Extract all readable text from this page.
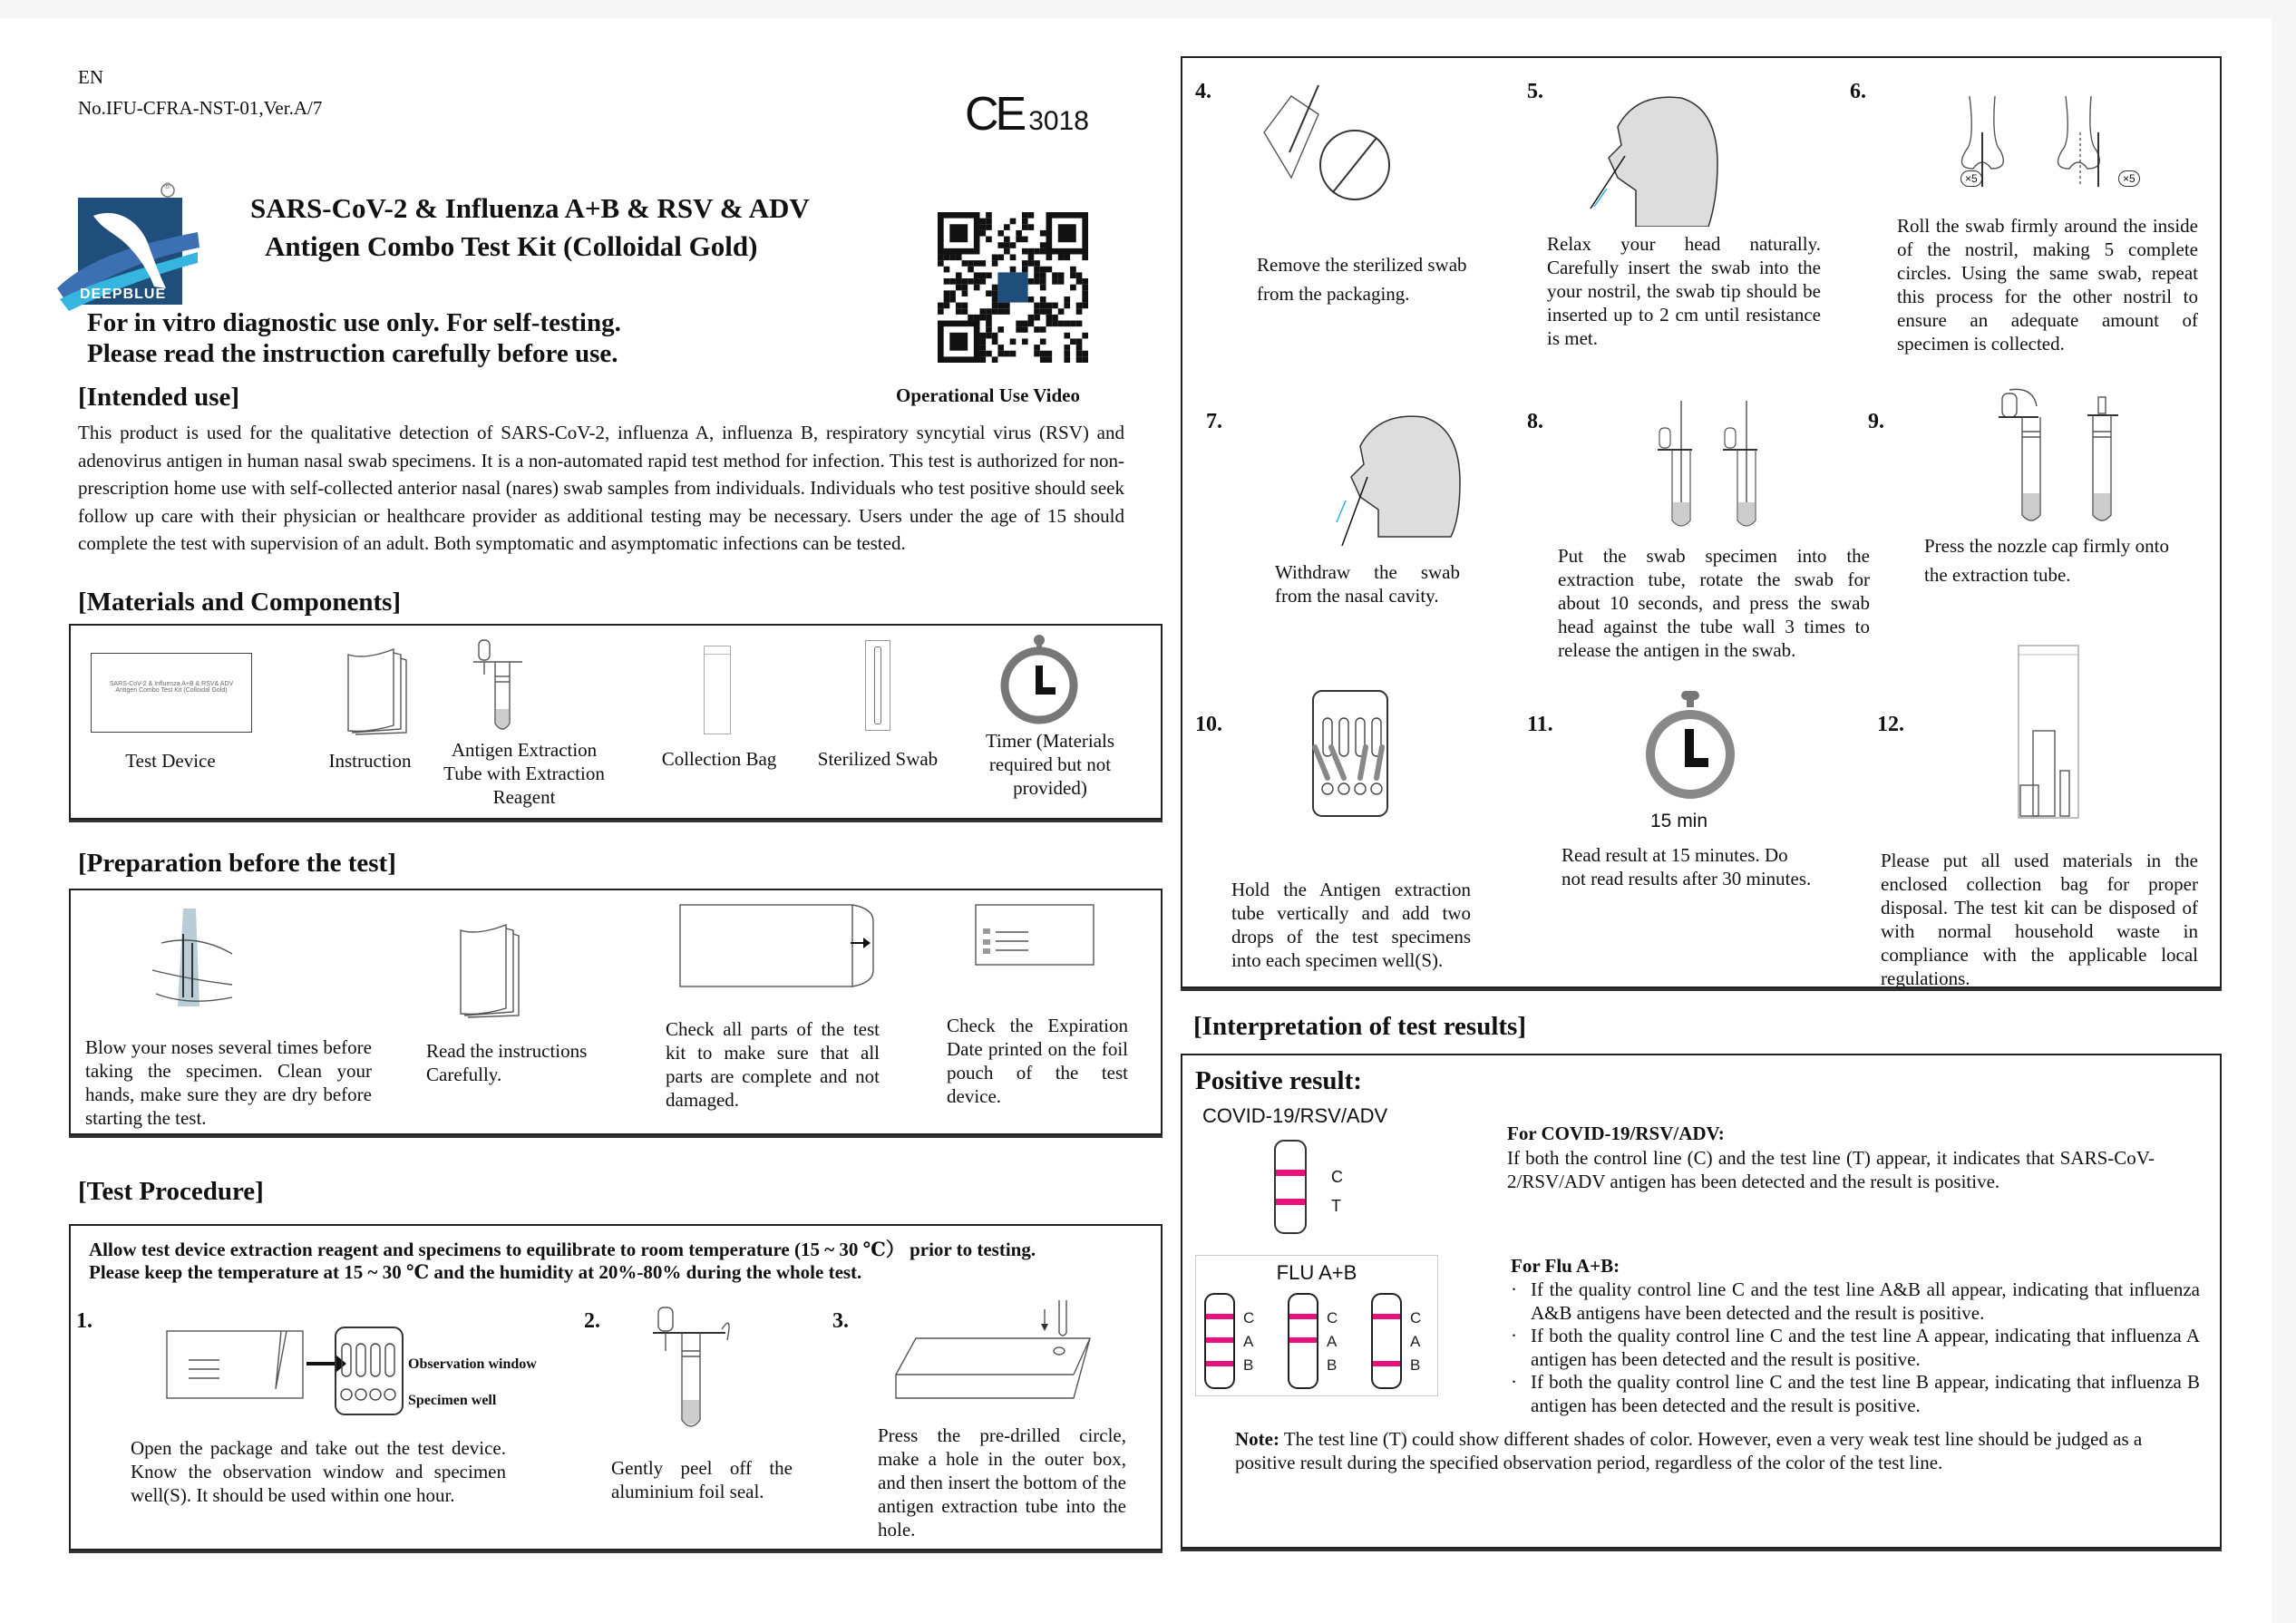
EN
No.IFU-CFRA-NST-01,Ver.A/7	CE 3018
DEEPBLUE
®
SARS-CoV-2 & Influenza A+B & RSV & ADV
Antigen Combo Test Kit (Colloidal Gold)
For in vitro diagnostic use only. For self-testing.
Please read the instruction carefully before use.
Operational Use Video
[Intended use]
This product is used for the qualitative detection of SARS-CoV-2, influenza A, influenza B, respiratory syncytial virus (RSV) and adenovirus antigen in human nasal swab specimens. It is a non-automated rapid test method for infection. This test is authorized for non-prescription home use with self-collected anterior nasal (nares) swab samples from individuals. Individuals who test positive should seek follow up care with their physician or healthcare provider as additional testing may be necessary. Users under the age of 15 should complete the test with supervision of an adult. Both symptomatic and asymptomatic infections can be tested.
[Materials and Components]
SARS-CoV-2 & Influenza A+B & RSV& ADV Antigen Combo Test Kit (Colloidal Gold)
Test Device	Instruction	Antigen Extraction Tube with Extraction Reagent
Collection Bag	Sterilized Swab
Timer (Materials required but not provided)
[Preparation before the test]
Blow your noses several times before taking the specimen. Clean your hands, make sure they are dry before starting the test.
Read the instructions Carefully.
Check all parts of the test kit to make sure that all parts are complete and not damaged.
Check the Expiration Date printed on the foil pouch of the test device.
[Test Procedure]
Allow test device extraction reagent and specimens to equilibrate to room temperature (15 ~ 30 ℃） prior to testing.
Please keep the temperature at 15 ~ 30 ℃ and the humidity at 20%-80% during the whole test.
1.
Observation window
Specimen well
Open the package and take out the test device. Know the observation window and specimen well(S). It should be used within one hour.
2.
Gently peel off the aluminium foil seal.
3.
Press the pre-drilled circle, make a hole in the outer box, and then insert the bottom of the antigen extraction tube into the hole.
4.
Remove the sterilized swab from the packaging.
5.
Relax your head naturally. Carefully insert the swab into the your nostril, the swab tip should be inserted up to 2 cm until resistance is met.
6.
×5	×5
Roll the swab firmly around the inside of the nostril, making 5 complete circles. Using the same swab, repeat this process for the other nostril to ensure an adequate amount of specimen is collected.
7.
Withdraw the swab from the nasal cavity.
8.
Put the swab specimen into the extraction tube, rotate the swab for about 10 seconds, and press the swab head against the tube wall 3 times to release the antigen in the swab.
9.
Press the nozzle cap firmly onto the extraction tube.
10.
Hold the Antigen extraction tube vertically and add two drops of the test specimens into each specimen well(S).
11.
15 min
Read result at 15 minutes. Do not read results after 30 minutes.
12.
Please put all used materials in the enclosed collection bag for proper disposal. The test kit can be disposed of with normal household waste in compliance with the applicable local regulations.
[Interpretation of test results]
Positive result:
COVID-19/RSV/ADV
C
T
For COVID-19/RSV/ADV:
If both the control line (C) and the test line (T) appear, it indicates that SARS-CoV-2/RSV/ADV antigen has been detected and the result is positive.
FLU A+B
C
A
B
C
A
B
C
A
B
For Flu A+B:
· If the quality control line C and the test line A&B all appear, indicating that influenza A&B antigens have been detected and the result is positive.
· If both the quality control line C and the test line A appear, indicating that influenza A antigen has been detected and the result is positive.
· If both the quality control line C and the test line B appear, indicating that influenza B antigen has been detected and the result is positive.
Note: The test line (T) could show different shades of color. However, even a very weak test line should be judged as a positive result during the specified observation period, regardless of the color of the test line.
